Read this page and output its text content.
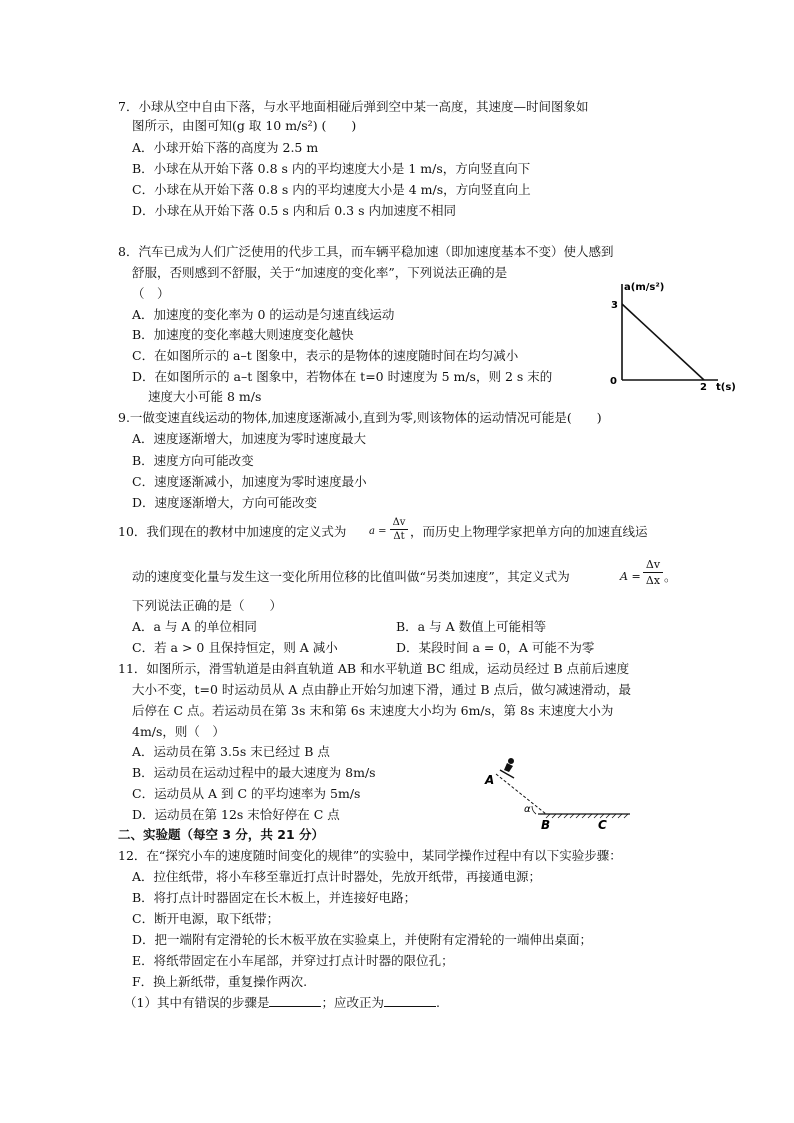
7．小球从空中自由下落，与水平地面相碰后弹到空中某一高度，其速度—时间图象如
图所示，由图可知(g 取 10 m/s²) (　　)
A．小球开始下落的高度为 2.5 m
B．小球在从开始下落 0.8 s 内的平均速度大小是 1 m/s，方向竖直向下
C．小球在从开始下落 0.8 s 内的平均速度大小是 4 m/s，方向竖直向上
D．小球在从开始下落 0.5 s 内和后 0.3 s 内加速度不相同
8．汽车已成为人们广泛使用的代步工具，而车辆平稳加速（即加速度基本不变）使人感到
舒服，否则感到不舒服，关于“加速度的变化率”，下列说法正确的是
（　）
A．加速度的变化率为 0 的运动是匀速直线运动
B．加速度的变化率越大则速度变化越快
C．在如图所示的 a–t 图象中，表示的是物体的速度随时间在均匀减小
D．在如图所示的 a–t 图象中，若物体在 t=0 时速度为 5 m/s，则 2 s 末的
速度大小可能 8 m/s
a(m/s²)
t(s)
0
3
2
9.一做变速直线运动的物体,加速度逐渐减小,直到为零,则该物体的运动情况可能是(　　)
A．速度逐渐增大，加速度为零时速度最大
B．速度方向可能改变
C．速度逐渐减小，加速度为零时速度最小
D．速度逐渐增大，方向可能改变
10．我们现在的教材中加速度的定义式为 a =
Δv
Δt ，而历史上物理学家把单方向的加速直线运
动的速度变化量与发生这一变化所用位移的比值叫做“另类加速度”，其定义式为	A =
Δv
Δx 。
下列说法正确的是（　　）
A．a 与 A 的单位相同	B．a 与 A 数值上可能相等
C．若 a > 0 且保持恒定，则 A 减小	D．某段时间 a = 0，A 可能不为零
11．如图所示，滑雪轨道是由斜直轨道 AB 和水平轨道 BC 组成，运动员经过 B 点前后速度
大小不变，t=0 时运动员从 A 点由静止开始匀加速下滑，通过 B 点后，做匀减速滑动，最
后停在 C 点。若运动员在第 3s 末和第 6s 末速度大小均为 6m/s，第 8s 末速度大小为
4m/s，则（　）
A．运动员在第 3.5s 末已经过 B 点
B．运动员在运动过程中的最大速度为 8m/s
C．运动员从 A 到 C 的平均速率为 5m/s
D．运动员在第 12s 末恰好停在 C 点	α
A
B	C
二、实验题（每空 3 分，共 21 分）
12．在“探究小车的速度随时间变化的规律”的实验中，某同学操作过程中有以下实验步骤：
A．拉住纸带，将小车移至靠近打点计时器处，先放开纸带，再接通电源；
B．将打点计时器固定在长木板上，并连接好电路；
C．断开电源，取下纸带；
D．把一端附有定滑轮的长木板平放在实验桌上，并使附有定滑轮的一端伸出桌面；
E．将纸带固定在小车尾部，并穿过打点计时器的限位孔；
F．换上新纸带，重复操作两次.
（1）其中有错误的步骤是	；应改正为	.
